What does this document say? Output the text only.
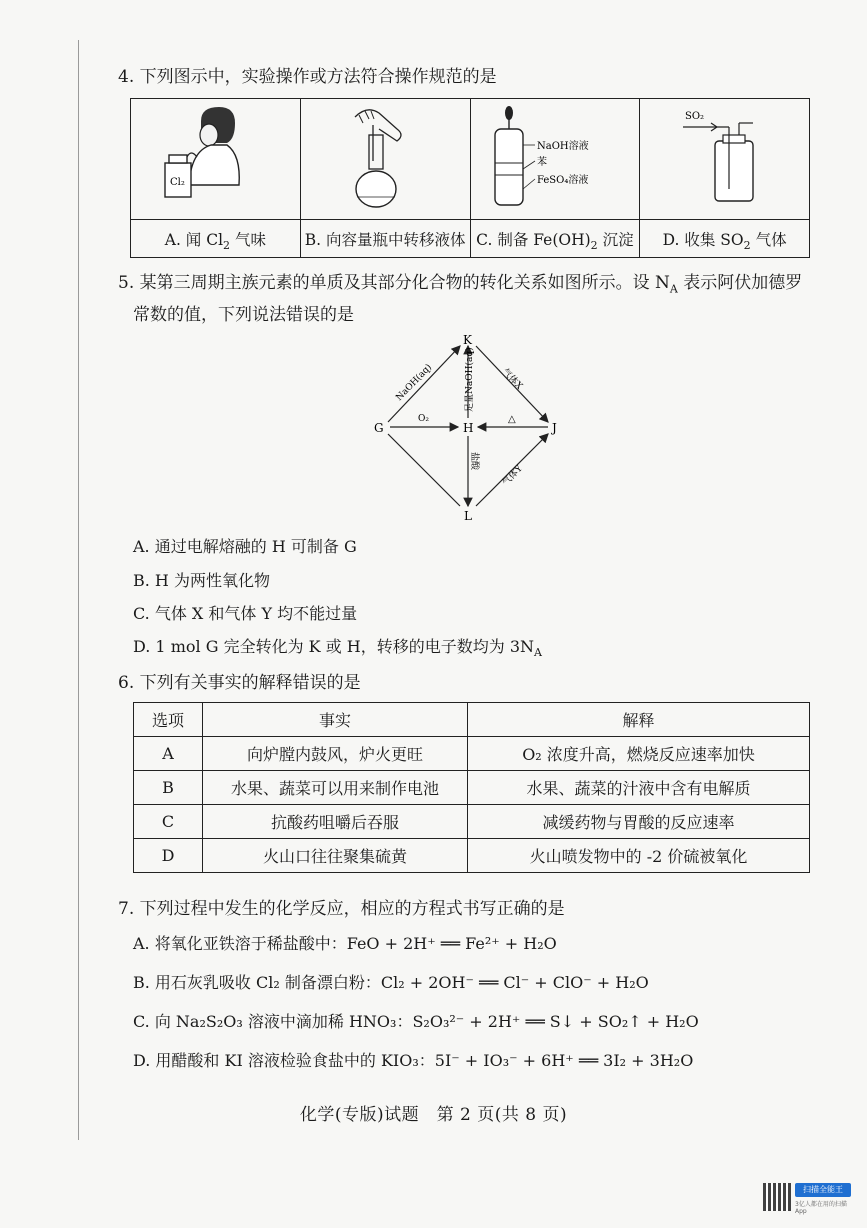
4. 下列图示中，实验操作或方法符合操作规范的是
Cl₂		NaOH溶液
苯
FeSO₄溶液	SO₂

A. 闻 $Cl_2$ 气味	B. 向容量瓶中转移液体	C. 制备 $Fe(OH)_2$ 沉淀	D. 收集 $SO_2$ 气体
5. 某第三周期主族元素的单质及其部分化合物的转化关系如图所示。设 $N_A$ 表示阿伏加德罗
常数的值，下列说法错误的是
K
G	H	J
L
NaOH(aq)	足量NaOH(aq)	气体X
O₂	△
盐酸
气体Y
A. 通过电解熔融的 H 可制备 G
B. H 为两性氧化物
C. 气体 X 和气体 Y 均不能过量
D. 1 mol G 完全转化为 K 或 H，转移的电子数均为 $3N_A$
6. 下列有关事实的解释错误的是
选项	事实	解释
A	向炉膛内鼓风，炉火更旺	O₂ 浓度升高，燃烧反应速率加快
B	水果、蔬菜可以用来制作电池	水果、蔬菜的汁液中含有电解质
C	抗酸药咀嚼后吞服	减缓药物与胃酸的反应速率
D	火山口往往聚集硫黄	火山喷发物中的 -2 价硫被氧化
7. 下列过程中发生的化学反应，相应的方程式书写正确的是
A. 将氧化亚铁溶于稀盐酸中：FeO + 2H⁺ ══ Fe²⁺ + H₂O
B. 用石灰乳吸收 Cl₂ 制备漂白粉：Cl₂ + 2OH⁻ ══ Cl⁻ + ClO⁻ + H₂O
C. 向 Na₂S₂O₃ 溶液中滴加稀 HNO₃：S₂O₃²⁻ + 2H⁺ ══ S↓ + SO₂↑ + H₂O
D. 用醋酸和 KI 溶液检验食盐中的 KIO₃：5I⁻ + IO₃⁻ + 6H⁺ ══ 3I₂ + 3H₂O
化学(专版)试题　第 2 页(共 8 页)
扫描全能王
3亿人都在用的扫描App
